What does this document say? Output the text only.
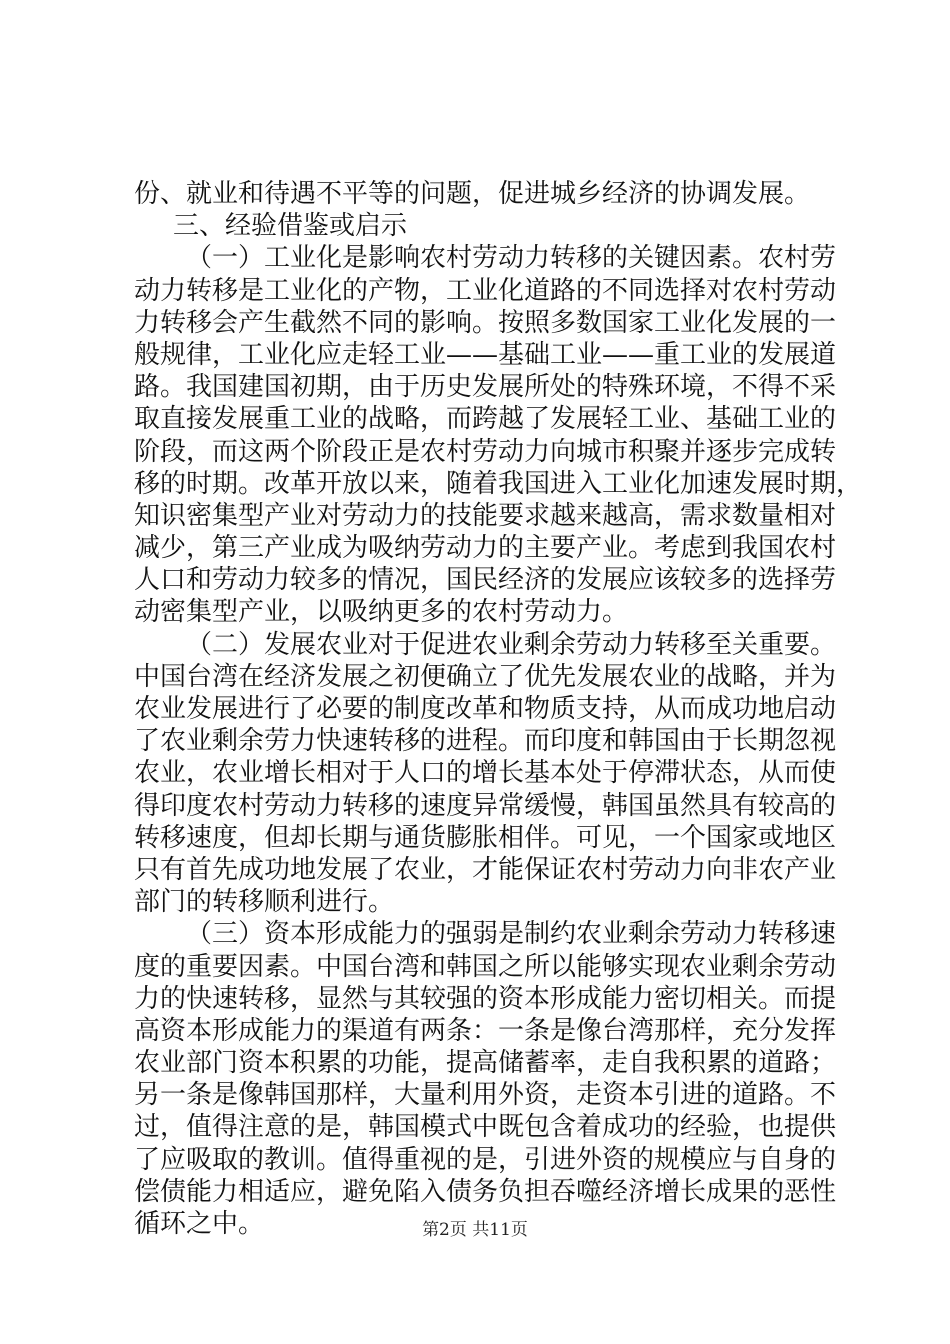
份、就业和待遇不平等的问题，促进城乡经济的协调发展。
三、经验借鉴或启示
（一）工业化是影响农村劳动力转移的关键因素。农村劳
动力转移是工业化的产物，工业化道路的不同选择对农村劳动
力转移会产生截然不同的影响。按照多数国家工业化发展的一
般规律，工业化应走轻工业——基础工业——重工业的发展道
路。我国建国初期，由于历史发展所处的特殊环境，不得不采
取直接发展重工业的战略，而跨越了发展轻工业、基础工业的
阶段，而这两个阶段正是农村劳动力向城市积聚并逐步完成转
移的时期。改革开放以来，随着我国进入工业化加速发展时期，
知识密集型产业对劳动力的技能要求越来越高，需求数量相对
减少，第三产业成为吸纳劳动力的主要产业。考虑到我国农村
人口和劳动力较多的情况，国民经济的发展应该较多的选择劳
动密集型产业，以吸纳更多的农村劳动力。
（二）发展农业对于促进农业剩余劳动力转移至关重要。
中国台湾在经济发展之初便确立了优先发展农业的战略，并为
农业发展进行了必要的制度改革和物质支持，从而成功地启动
了农业剩余劳力快速转移的进程。而印度和韩国由于长期忽视
农业，农业增长相对于人口的增长基本处于停滞状态，从而使
得印度农村劳动力转移的速度异常缓慢，韩国虽然具有较高的
转移速度，但却长期与通货膨胀相伴。可见，一个国家或地区
只有首先成功地发展了农业，才能保证农村劳动力向非农产业
部门的转移顺利进行。
（三）资本形成能力的强弱是制约农业剩余劳动力转移速
度的重要因素。中国台湾和韩国之所以能够实现农业剩余劳动
力的快速转移，显然与其较强的资本形成能力密切相关。而提
高资本形成能力的渠道有两条：一条是像台湾那样，充分发挥
农业部门资本积累的功能，提高储蓄率，走自我积累的道路；
另一条是像韩国那样，大量利用外资，走资本引进的道路。不
过，值得注意的是，韩国模式中既包含着成功的经验，也提供
了应吸取的教训。值得重视的是，引进外资的规模应与自身的
偿债能力相适应，避免陷入债务负担吞噬经济增长成果的恶性
循环之中。	第2页 共11页
